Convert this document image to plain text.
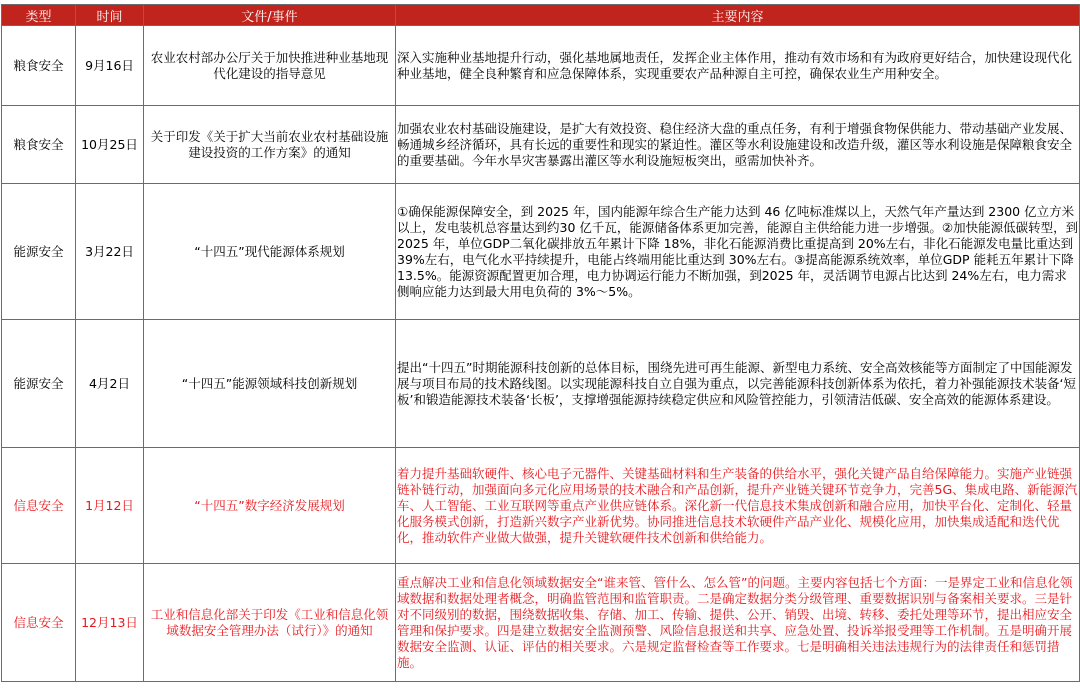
类型	时间	文件/事件	主要内容
粮食安全	9月16日	农业农村部办公厅关于加快推进种业基地现代化建设的指导意见	深入实施种业基地提升行动，强化基地属地责任，发挥企业主体作用，推动有效市场和有为政府更好结合，加快建设现代化种业基地，健全良种繁育和应急保障体系，实现重要农产品种源自主可控，确保农业生产用种安全。
粮食安全	10月25日	关于印发《关于扩大当前农业农村基础设施建设投资的工作方案》的通知	加强农业农村基础设施建设，是扩大有效投资、稳住经济大盘的重点任务，有利于增强食物保供能力、带动基础产业发展、畅通城乡经济循环，具有长远的重要性和现实的紧迫性。灌区等水利设施建设和改造升级，灌区等水利设施是保障粮食安全的重要基础。今年水旱灾害暴露出灌区等水利设施短板突出，亟需加快补齐。
能源安全	3月22日	“十四五”现代能源体系规划	①确保能源保障安全，到 2025 年，国内能源年综合生产能力达到 46 亿吨标准煤以上，天然气年产量达到 2300 亿立方米以上，发电装机总容量达到约30 亿千瓦，能源储备体系更加完善，能源自主供给能力进一步增强。②加快能源低碳转型，到2025 年，单位GDP二氧化碳排放五年累计下降 18%，非化石能源消费比重提高到 20%左右，非化石能源发电量比重达到39%左右，电气化水平持续提升，电能占终端用能比重达到 30%左右。③提高能源系统效率，单位GDP 能耗五年累计下降 13.5%。能源资源配置更加合理，电力协调运行能力不断加强，到2025 年，灵活调节电源占比达到 24%左右，电力需求侧响应能力达到最大用电负荷的 3%～5%。
能源安全	4月2日	“十四五”能源领域科技创新规划	提出“十四五”时期能源科技创新的总体目标，围绕先进可再生能源、新型电力系统、安全高效核能等方面制定了中国能源发展与项目布局的技术路线图。以实现能源科技自立自强为重点，以完善能源科技创新体系为依托，着力补强能源技术装备‘短板’和锻造能源技术装备‘长板’，支撑增强能源持续稳定供应和风险管控能力，引领清洁低碳、安全高效的能源体系建设。
信息安全	1月12日	“十四五”数字经济发展规划	着力提升基础软硬件、核心电子元器件、关键基础材料和生产装备的供给水平，强化关键产品自给保障能力。实施产业链强链补链行动，加强面向多元化应用场景的技术融合和产品创新，提升产业链关键环节竞争力，完善5G、集成电路、新能源汽车、人工智能、工业互联网等重点产业供应链体系。深化新一代信息技术集成创新和融合应用，加快平台化、定制化、轻量化服务模式创新，打造新兴数字产业新优势。协同推进信息技术软硬件产品产业化、规模化应用，加快集成适配和迭代优化，推动软件产业做大做强，提升关键软硬件技术创新和供给能力。
信息安全	12月13日	工业和信息化部关于印发《工业和信息化领域数据安全管理办法（试行）》的通知	重点解决工业和信息化领域数据安全“谁来管、管什么、怎么管”的问题。主要内容包括七个方面：一是界定工业和信息化领域数据和数据处理者概念，明确监管范围和监管职责。二是确定数据分类分级管理、重要数据识别与备案相关要求。三是针对不同级别的数据，围绕数据收集、存储、加工、传输、提供、公开、销毁、出境、转移、委托处理等环节，提出相应安全管理和保护要求。四是建立数据安全监测预警、风险信息报送和共享、应急处置、投诉举报受理等工作机制。五是明确开展数据安全监测、认证、评估的相关要求。六是规定监督检查等工作要求。七是明确相关违法违规行为的法律责任和惩罚措施。
